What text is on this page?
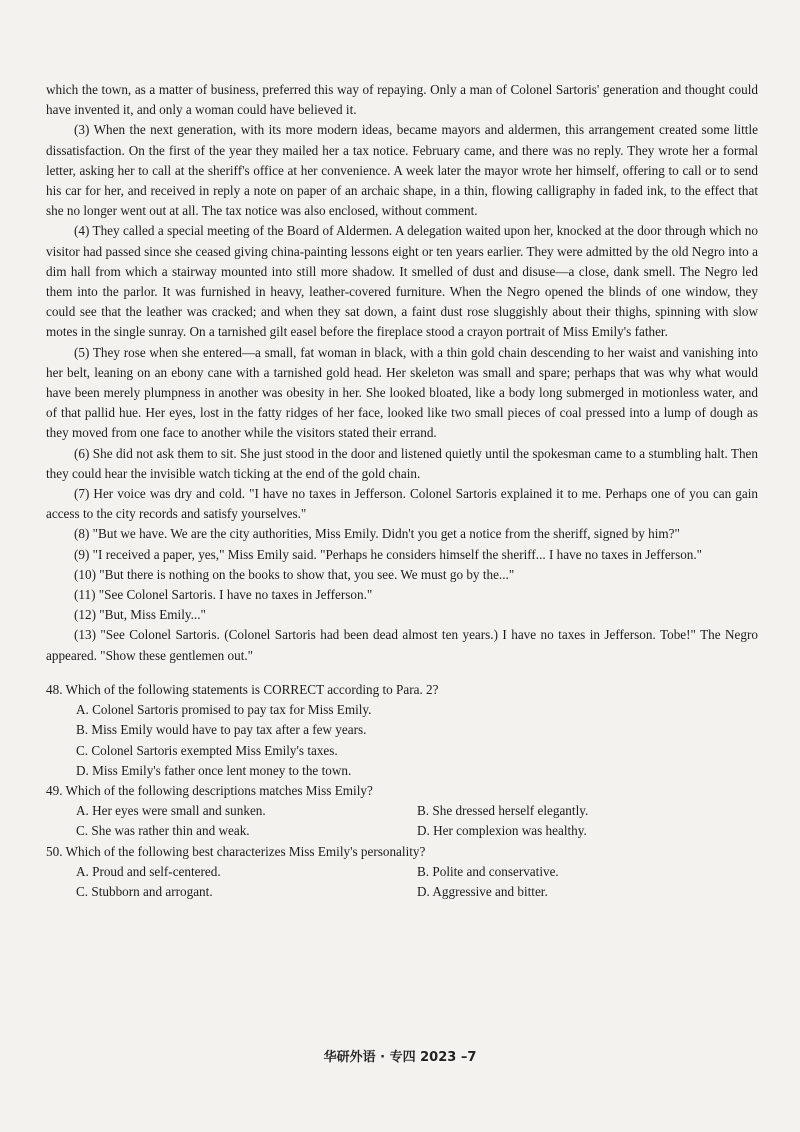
which the town, as a matter of business, preferred this way of repaying. Only a man of Colonel Sartoris' generation and thought could have invented it, and only a woman could have believed it.

(3) When the next generation, with its more modern ideas, became mayors and aldermen, this arrangement created some little dissatisfaction. On the first of the year they mailed her a tax notice. February came, and there was no reply. They wrote her a formal letter, asking her to call at the sheriff's office at her convenience. A week later the mayor wrote her himself, offering to call or to send his car for her, and received in reply a note on paper of an archaic shape, in a thin, flowing calligraphy in faded ink, to the effect that she no longer went out at all. The tax notice was also enclosed, without comment.

(4) They called a special meeting of the Board of Aldermen. A delegation waited upon her, knocked at the door through which no visitor had passed since she ceased giving china-painting lessons eight or ten years earlier. They were admitted by the old Negro into a dim hall from which a stairway mounted into still more shadow. It smelled of dust and disuse—a close, dank smell. The Negro led them into the parlor. It was furnished in heavy, leather-covered furniture. When the Negro opened the blinds of one window, they could see that the leather was cracked; and when they sat down, a faint dust rose sluggishly about their thighs, spinning with slow motes in the single sunray. On a tarnished gilt easel before the fireplace stood a crayon portrait of Miss Emily's father.

(5) They rose when she entered—a small, fat woman in black, with a thin gold chain descending to her waist and vanishing into her belt, leaning on an ebony cane with a tarnished gold head. Her skeleton was small and spare; perhaps that was why what would have been merely plumpness in another was obesity in her. She looked bloated, like a body long submerged in motionless water, and of that pallid hue. Her eyes, lost in the fatty ridges of her face, looked like two small pieces of coal pressed into a lump of dough as they moved from one face to another while the visitors stated their errand.

(6) She did not ask them to sit. She just stood in the door and listened quietly until the spokesman came to a stumbling halt. Then they could hear the invisible watch ticking at the end of the gold chain.

(7) Her voice was dry and cold. "I have no taxes in Jefferson. Colonel Sartoris explained it to me. Perhaps one of you can gain access to the city records and satisfy yourselves."

(8) "But we have. We are the city authorities, Miss Emily. Didn't you get a notice from the sheriff, signed by him?"

(9) "I received a paper, yes," Miss Emily said. "Perhaps he considers himself the sheriff... I have no taxes in Jefferson."

(10) "But there is nothing on the books to show that, you see. We must go by the..."

(11) "See Colonel Sartoris. I have no taxes in Jefferson."

(12) "But, Miss Emily..."

(13) "See Colonel Sartoris. (Colonel Sartoris had been dead almost ten years.) I have no taxes in Jefferson. Tobe!" The Negro appeared. "Show these gentlemen out."

48. Which of the following statements is CORRECT according to Para. 2?

A. Colonel Sartoris promised to pay tax for Miss Emily.

B. Miss Emily would have to pay tax after a few years.

C. Colonel Sartoris exempted Miss Emily's taxes.

D. Miss Emily's father once lent money to the town.

49. Which of the following descriptions matches Miss Emily?

A. Her eyes were small and sunken.	B. She dressed herself elegantly.
C. She was rather thin and weak.	D. Her complexion was healthy.

50. Which of the following best characterizes Miss Emily's personality?

A. Proud and self-centered.	B. Polite and conservative.
C. Stubborn and arrogant.	D. Aggressive and bitter.
华研外语 · 专四 2023 –7
